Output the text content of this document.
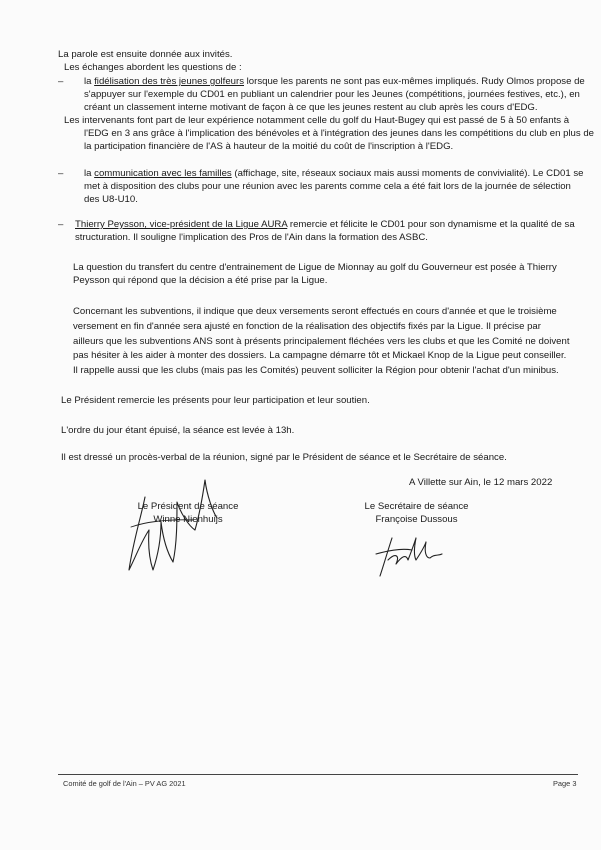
La parole est ensuite donnée aux invités.

Les échanges abordent les questions de :

– la fidélisation des très jeunes golfeurs lorsque les parents ne sont pas eux-mêmes impliqués. Rudy Olmos propose de

s'appuyer sur l'exemple du CD01 en publiant un calendrier pour les Jeunes (compétitions, journées festives, etc.), en

créant un classement interne motivant de façon à ce que les jeunes restent au club après les cours d'EDG.

Les intervenants font part de leur expérience notamment celle du golf du Haut-Bugey qui est passé de 5 à 50 enfants à

l'EDG en 3 ans grâce à l'implication des bénévoles et à l'intégration des jeunes dans les compétitions du club en plus de

la participation financière de l'AS à hauteur de la moitié du coût de l'inscription à l'EDG.

– la communication avec les familles (affichage, site, réseaux sociaux mais aussi moments de convivialité). Le CD01 se

met à disposition des clubs pour une réunion avec les parents comme cela a été fait lors de la journée de sélection

des U8-U10.

– Thierry Peysson, vice-président de la Ligue AURA remercie et félicite le CD01 pour son dynamisme et la qualité de sa

structuration. Il souligne l'implication des Pros de l'Ain dans la formation des ASBC.

La question du transfert du centre d'entrainement de Ligue de Mionnay au golf du Gouverneur est posée à Thierry

Peysson qui répond que la décision a été prise par la Ligue.

Concernant les subventions, il indique que deux versements seront effectués en cours d'année et que le troisième

versement en fin d'année sera ajusté en fonction de la réalisation des objectifs fixés par la Ligue. Il précise par

ailleurs que les subventions ANS sont à présents principalement fléchées vers les clubs et que les Comité ne doivent

pas hésiter à les aider à monter des dossiers. La campagne démarre tôt et Mickael Knop de la Ligue peut conseiller.

Il rappelle aussi que les clubs (mais pas les Comités) peuvent solliciter la Région pour obtenir l'achat d'un minibus.

Le Président remercie les présents pour leur participation et leur soutien.

L'ordre du jour étant épuisé, la séance est levée à 13h.

Il est dressé un procès-verbal de la réunion, signé par le Président de séance et le Secrétaire de séance.

A Villette sur Ain, le 12 mars 2022

Le Président de séance

Winne Nienhuijs

Le Secrétaire de séance

Françoise Dussous

Comité de golf de l'Ain – PV AG 2021	Page 3
